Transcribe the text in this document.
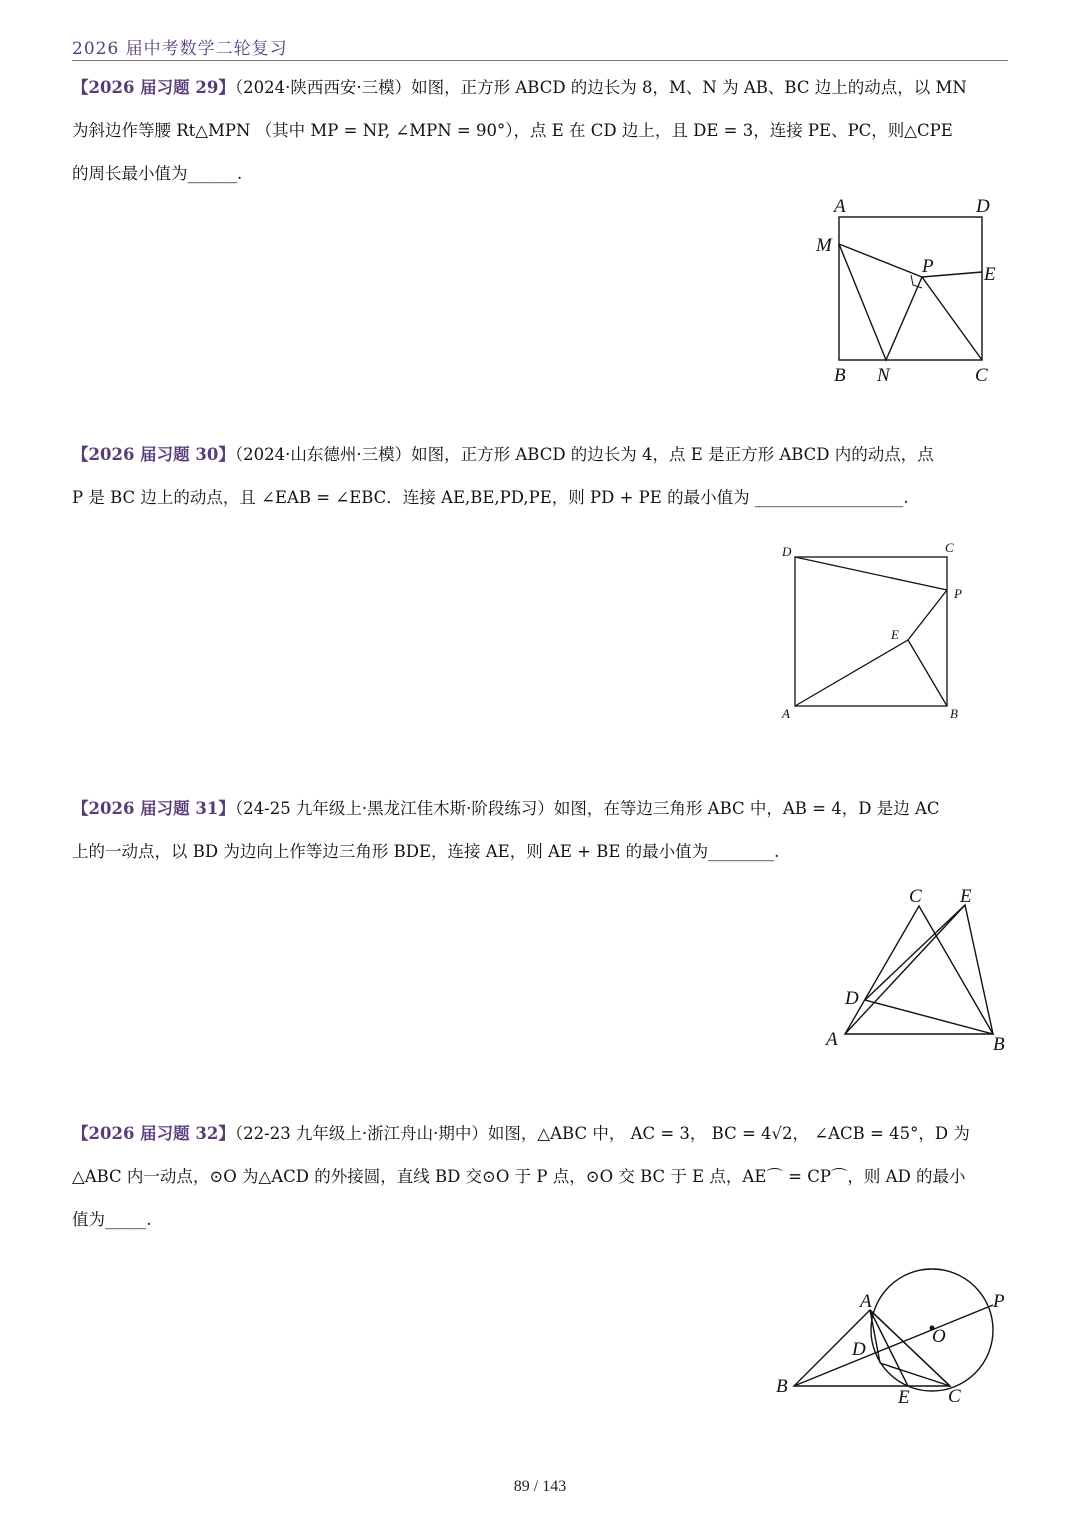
2026 届中考数学二轮复习
【2026 届习题 29】（2024·陕西西安·三模）如图，正方形 ABCD 的边长为 8，M、N 为 AB、BC 边上的动点，以 MN
为斜边作等腰 Rt△MPN （其中 MP = NP, ∠MPN = 90°），点 E 在 CD 边上，且 DE = 3，连接 PE、PC，则△CPE
的周长最小值为______.
A	D
M
P	E
B N	C
【2026 届习题 30】（2024·山东德州·三模）如图，正方形 ABCD 的边长为 4，点 E 是正方形 ABCD 内的动点，点
P 是 BC 边上的动点，且 ∠EAB = ∠EBC．连接 AE,BE,PD,PE，则 PD + PE 的最小值为 __________________.
D	C
P
E
A	B
【2026 届习题 31】（24-25 九年级上·黑龙江佳木斯·阶段练习）如图，在等边三角形 ABC 中，AB = 4，D 是边 AC
上的一动点，以 BD 为边向上作等边三角形 BDE，连接 AE，则 AE + BE 的最小值为________.
C E
D
A	B
【2026 届习题 32】（22-23 九年级上·浙江舟山·期中）如图，△ABC 中， AC = 3， BC = 4√2， ∠ACB = 45°，D 为
△ABC 内一动点，⊙O 为△ACD 的外接圆，直线 BD 交⊙O 于 P 点，⊙O 交 BC 于 E 点，AE⌒ = CP⌒，则 AD 的最小
值为_____.
A	P
O
D
B
E C
89 / 143
